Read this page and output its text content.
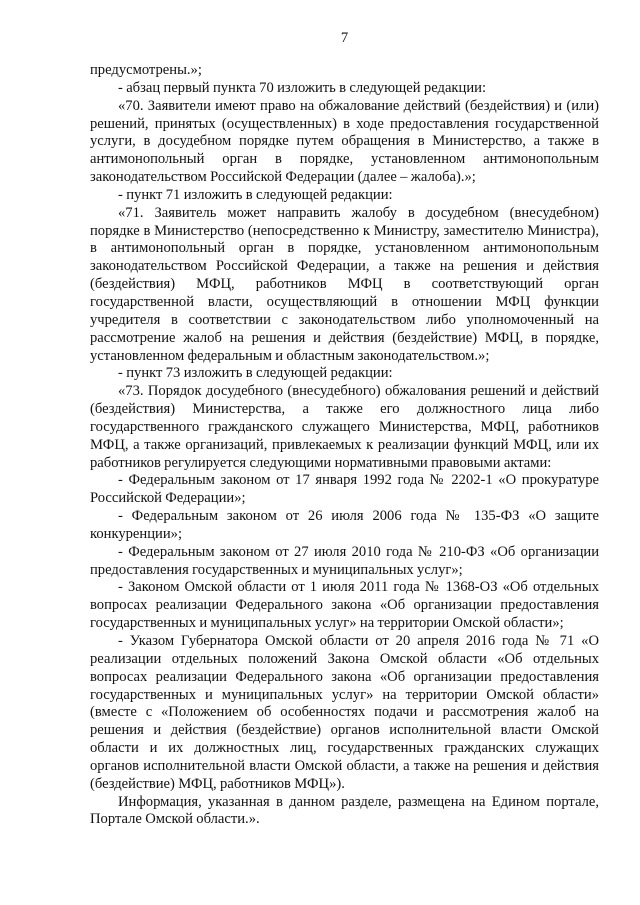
7

предусмотрены.»;

- абзац первый пункта 70 изложить в следующей редакции:

«70. Заявители имеют право на обжалование действий (бездействия) и (или) решений, принятых (осуществленных) в ходе предоставления государственной услуги, в досудебном порядке путем обращения в Министерство, а также в антимонопольный орган в порядке, установленном антимонопольным законодательством Российской Федерации (далее – жалоба).»;

- пункт 71 изложить в следующей редакции:

«71. Заявитель может направить жалобу в досудебном (внесудебном) порядке в Министерство (непосредственно к Министру, заместителю Министра), в антимонопольный орган в порядке, установленном антимонопольным законодательством Российской Федерации, а также на решения и действия (бездействия) МФЦ, работников МФЦ в соответствующий орган государственной власти, осуществляющий в отношении МФЦ функции учредителя в соответствии с законодательством либо уполномоченный на рассмотрение жалоб на решения и действия (бездействие) МФЦ, в порядке, установленном федеральным и областным законодательством.»;

- пункт 73 изложить в следующей редакции:

«73. Порядок досудебного (внесудебного) обжалования решений и действий (бездействия) Министерства, а также его должностного лица либо государственного гражданского служащего Министерства, МФЦ, работников МФЦ, а также организаций, привлекаемых к реализации функций МФЦ, или их работников регулируется следующими нормативными правовыми актами:

- Федеральным законом от 17 января 1992 года № 2202-1 «О прокуратуре Российской Федерации»;

- Федеральным законом от 26 июля 2006 года № 135-ФЗ «О защите конкуренции»;

- Федеральным законом от 27 июля 2010 года № 210-ФЗ «Об организации предоставления государственных и муниципальных услуг»;

- Законом Омской области от 1 июля 2011 года № 1368-ОЗ «Об отдельных вопросах реализации Федерального закона «Об организации предоставления государственных и муниципальных услуг» на территории Омской области»;

- Указом Губернатора Омской области от 20 апреля 2016 года № 71 «О реализации отдельных положений Закона Омской области «Об отдельных вопросах реализации Федерального закона «Об организации предоставления государственных и муниципальных услуг» на территории Омской области» (вместе с «Положением об особенностях подачи и рассмотрения жалоб на решения и действия (бездействие) органов исполнительной власти Омской области и их должностных лиц, государственных гражданских служащих органов исполнительной власти Омской области, а также на решения и действия (бездействие) МФЦ, работников МФЦ»).

Информация, указанная в данном разделе, размещена на Едином портале, Портале Омской области.».
